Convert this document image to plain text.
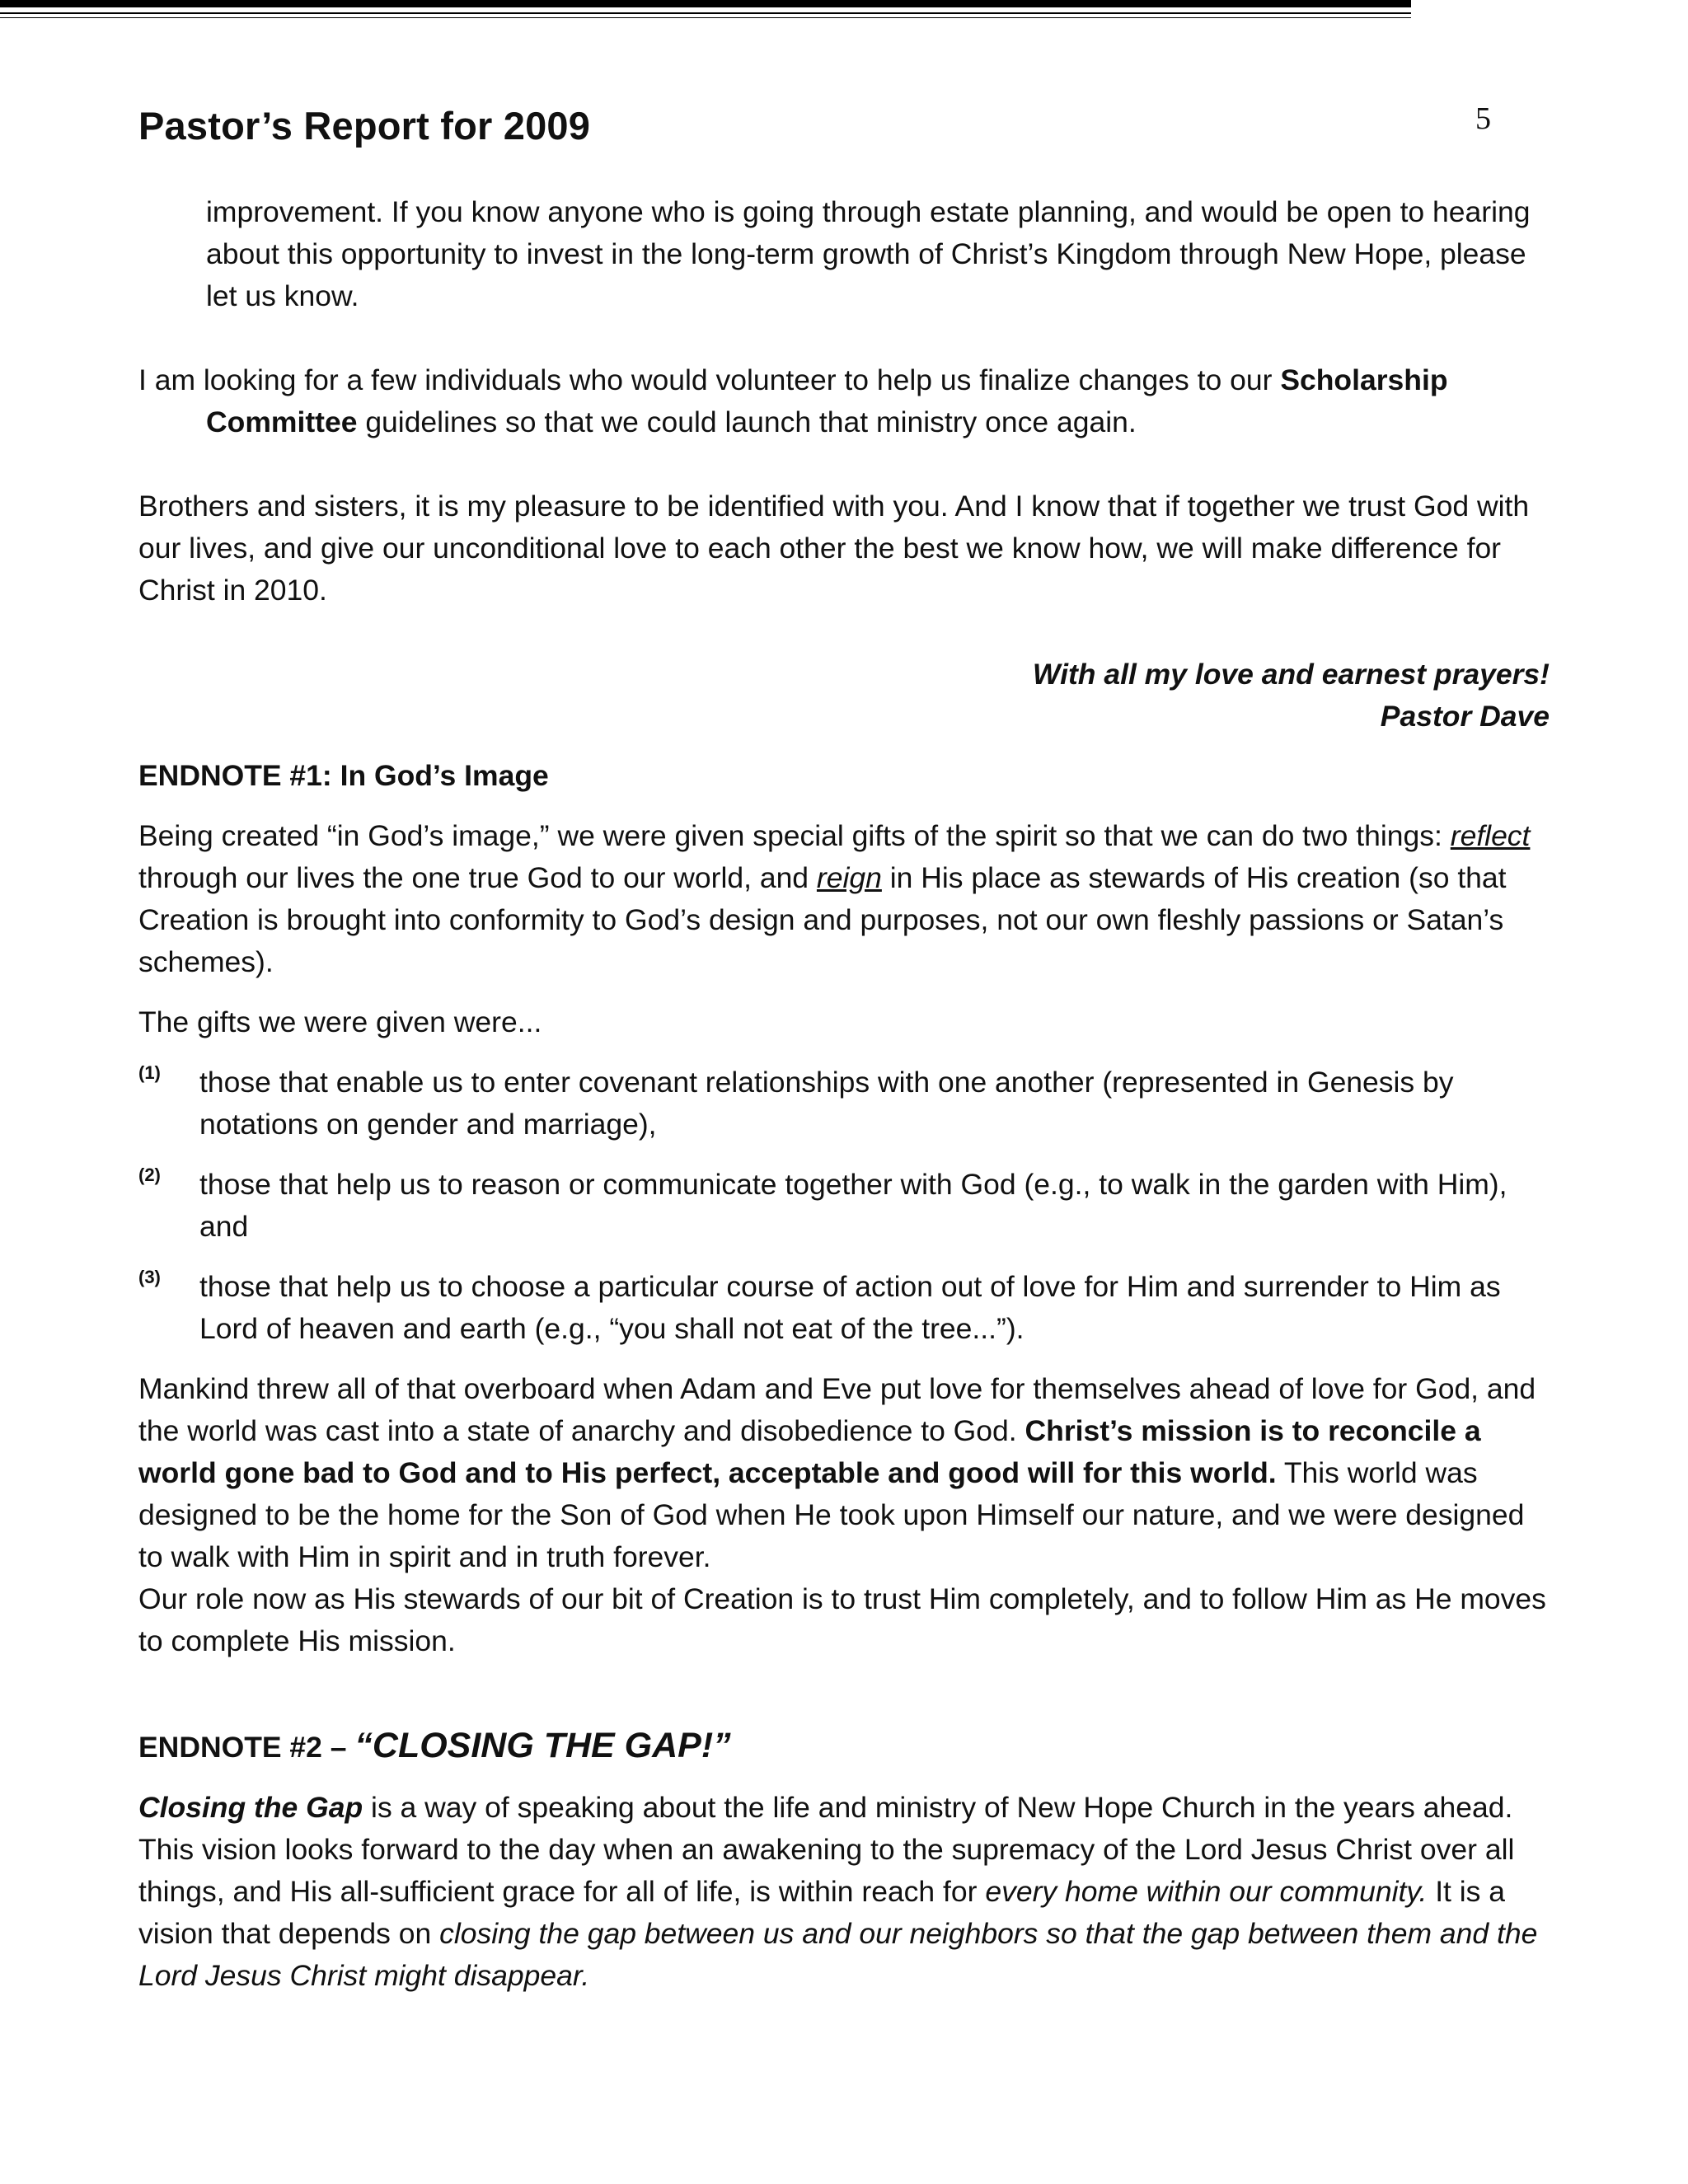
Pastor’s Report for 2009	5

improvement. If you know anyone who is going through estate planning, and would be open to hearing about this opportunity to invest in the long-term growth of Christ’s Kingdom through New Hope, please let us know.

I am looking for a few individuals who would volunteer to help us finalize changes to our Scholarship Committee guidelines so that we could launch that ministry once again.

Brothers and sisters, it is my pleasure to be identified with you. And I know that if together we trust God with our lives, and give our unconditional love to each other the best we know how, we will make difference for Christ in 2010.

With all my love and earnest prayers!

Pastor Dave

ENDNOTE #1: In God’s Image

Being created “in God’s image,” we were given special gifts of the spirit so that we can do two things: reflect through our lives the one true God to our world, and reign in His place as stewards of His creation (so that Creation is brought into conformity to God’s design and purposes, not our own fleshly passions or Satan’s schemes).

The gifts we were given were...

(1) those that enable us to enter covenant relationships with one another (represented in Genesis by notations on gender and marriage),
(2) those that help us to reason or communicate together with God (e.g., to walk in the garden with Him), and
(3) those that help us to choose a particular course of action out of love for Him and surrender to Him as Lord of heaven and earth (e.g., “you shall not eat of the tree...”).

Mankind threw all of that overboard when Adam and Eve put love for themselves ahead of love for God, and the world was cast into a state of anarchy and disobedience to God. Christ’s mission is to reconcile a world gone bad to God and to His perfect, acceptable and good will for this world. This world was designed to be the home for the Son of God when He took upon Himself our nature, and we were designed to walk with Him in spirit and in truth forever.

Our role now as His stewards of our bit of Creation is to trust Him completely, and to follow Him as He moves to complete His mission.

ENDNOTE #2 – “CLOSING THE GAP!”

Closing the Gap is a way of speaking about the life and ministry of New Hope Church in the years ahead. This vision looks forward to the day when an awakening to the supremacy of the Lord Jesus Christ over all things, and His all-sufficient grace for all of life, is within reach for every home within our community. It is a vision that depends on closing the gap between us and our neighbors so that the gap between them and the Lord Jesus Christ might disappear.
